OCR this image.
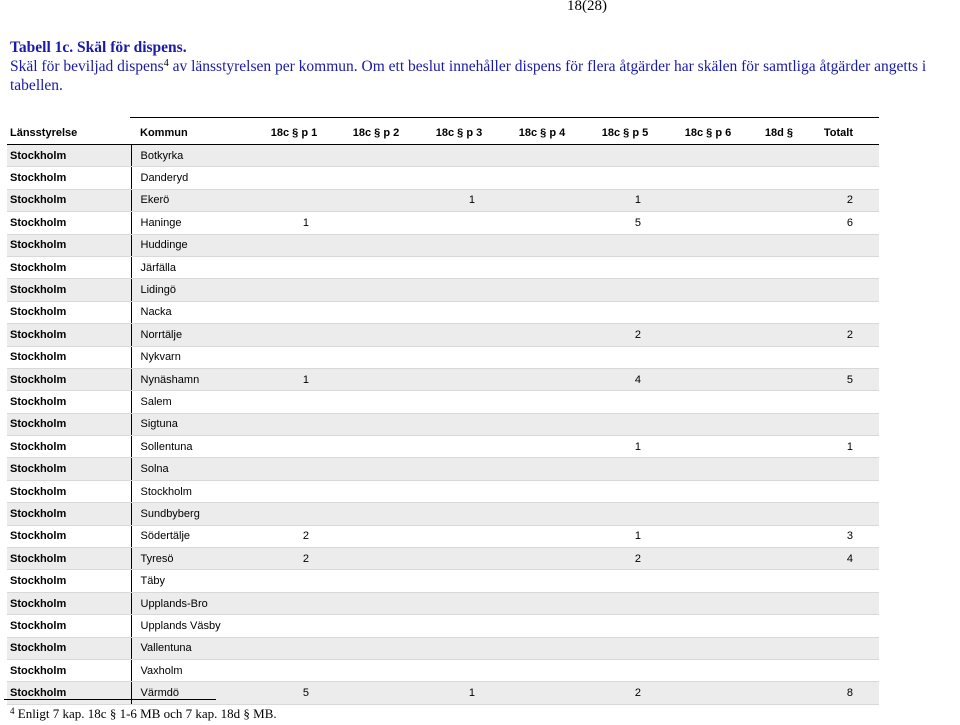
18(28)
Tabell 1c. Skäl för dispens.
Skäl för beviljad dispens$^4$ av länsstyrelsen per kommun. Om ett beslut innehåller dispens för flera åtgärder har skälen för samtliga åtgärder angetts i tabellen.
Länsstyrelse	Kommun	18c § p 1	18c § p 2	18c § p 3	18c § p 4	18c § p 5	18c § p 6	18d §	Totalt
Stockholm	Botkyrka								
Stockholm	Danderyd								
Stockholm	Ekerö			1		1			2
Stockholm	Haninge	1				5			6
Stockholm	Huddinge								
Stockholm	Järfälla								
Stockholm	Lidingö								
Stockholm	Nacka								
Stockholm	Norrtälje					2			2
Stockholm	Nykvarn								
Stockholm	Nynäshamn	1				4			5
Stockholm	Salem								
Stockholm	Sigtuna								
Stockholm	Sollentuna					1			1
Stockholm	Solna								
Stockholm	Stockholm								
Stockholm	Sundbyberg								
Stockholm	Södertälje	2				1			3
Stockholm	Tyresö	2				2			4
Stockholm	Täby								
Stockholm	Upplands-Bro								
Stockholm	Upplands Väsby								
Stockholm	Vallentuna								
Stockholm	Vaxholm								
Stockholm	Värmdö	5		1		2			8
$^4$ Enligt 7 kap. 18c § 1-6 MB och 7 kap. 18d § MB.
